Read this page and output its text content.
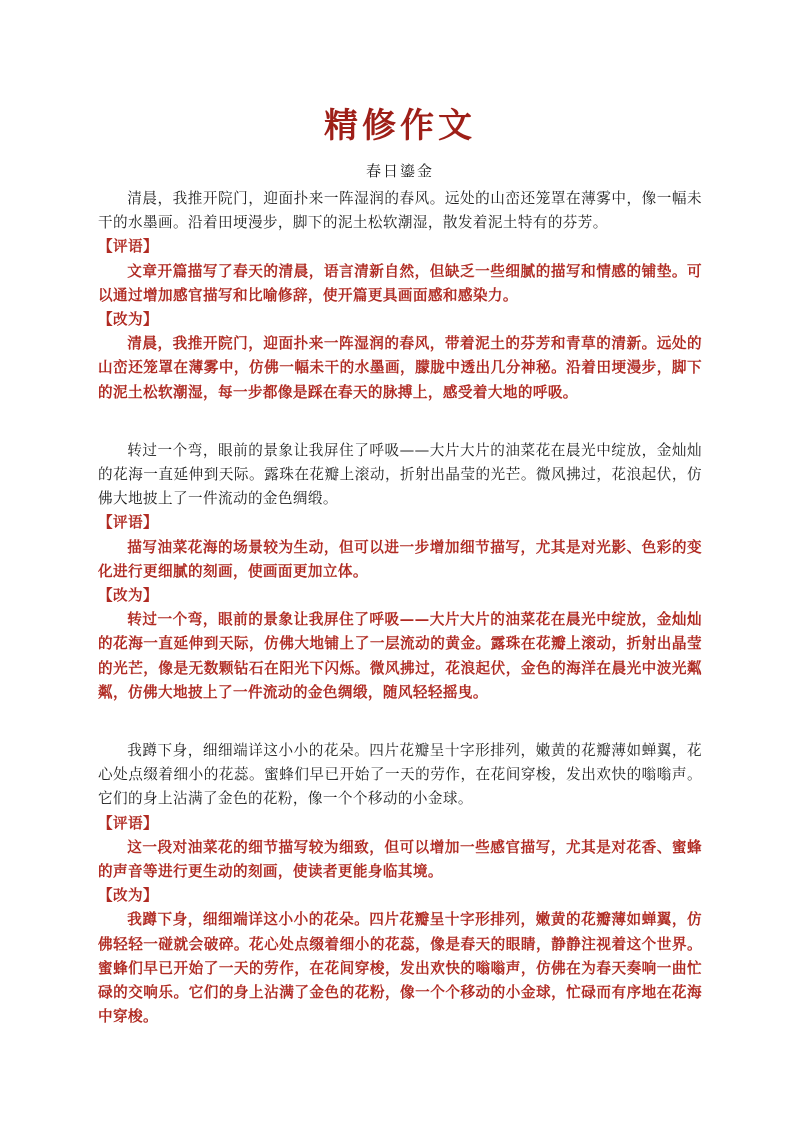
精修作文
春日鎏金

清晨，我推开院门，迎面扑来一阵湿润的春风。远处的山峦还笼罩在薄雾中，像一幅未干的水墨画。沿着田埂漫步，脚下的泥土松软潮湿，散发着泥土特有的芬芳。

【评语】

文章开篇描写了春天的清晨，语言清新自然，但缺乏一些细腻的描写和情感的铺垫。可以通过增加感官描写和比喻修辞，使开篇更具画面感和感染力。

【改为】

清晨，我推开院门，迎面扑来一阵湿润的春风，带着泥土的芬芳和青草的清新。远处的山峦还笼罩在薄雾中，仿佛一幅未干的水墨画，朦胧中透出几分神秘。沿着田埂漫步，脚下的泥土松软潮湿，每一步都像是踩在春天的脉搏上，感受着大地的呼吸。

转过一个弯，眼前的景象让我屏住了呼吸——大片大片的油菜花在晨光中绽放，金灿灿的花海一直延伸到天际。露珠在花瓣上滚动，折射出晶莹的光芒。微风拂过，花浪起伏，仿佛大地披上了一件流动的金色绸缎。

【评语】

描写油菜花海的场景较为生动，但可以进一步增加细节描写，尤其是对光影、色彩的变化进行更细腻的刻画，使画面更加立体。

【改为】

转过一个弯，眼前的景象让我屏住了呼吸——大片大片的油菜花在晨光中绽放，金灿灿的花海一直延伸到天际，仿佛大地铺上了一层流动的黄金。露珠在花瓣上滚动，折射出晶莹的光芒，像是无数颗钻石在阳光下闪烁。微风拂过，花浪起伏，金色的海洋在晨光中波光粼粼，仿佛大地披上了一件流动的金色绸缎，随风轻轻摇曳。

我蹲下身，细细端详这小小的花朵。四片花瓣呈十字形排列，嫩黄的花瓣薄如蝉翼，花心处点缀着细小的花蕊。蜜蜂们早已开始了一天的劳作，在花间穿梭，发出欢快的嗡嗡声。它们的身上沾满了金色的花粉，像一个个移动的小金球。

【评语】

这一段对油菜花的细节描写较为细致，但可以增加一些感官描写，尤其是对花香、蜜蜂的声音等进行更生动的刻画，使读者更能身临其境。

【改为】

我蹲下身，细细端详这小小的花朵。四片花瓣呈十字形排列，嫩黄的花瓣薄如蝉翼，仿佛轻轻一碰就会破碎。花心处点缀着细小的花蕊，像是春天的眼睛，静静注视着这个世界。蜜蜂们早已开始了一天的劳作，在花间穿梭，发出欢快的嗡嗡声，仿佛在为春天奏响一曲忙碌的交响乐。它们的身上沾满了金色的花粉，像一个个移动的小金球，忙碌而有序地在花海中穿梭。
